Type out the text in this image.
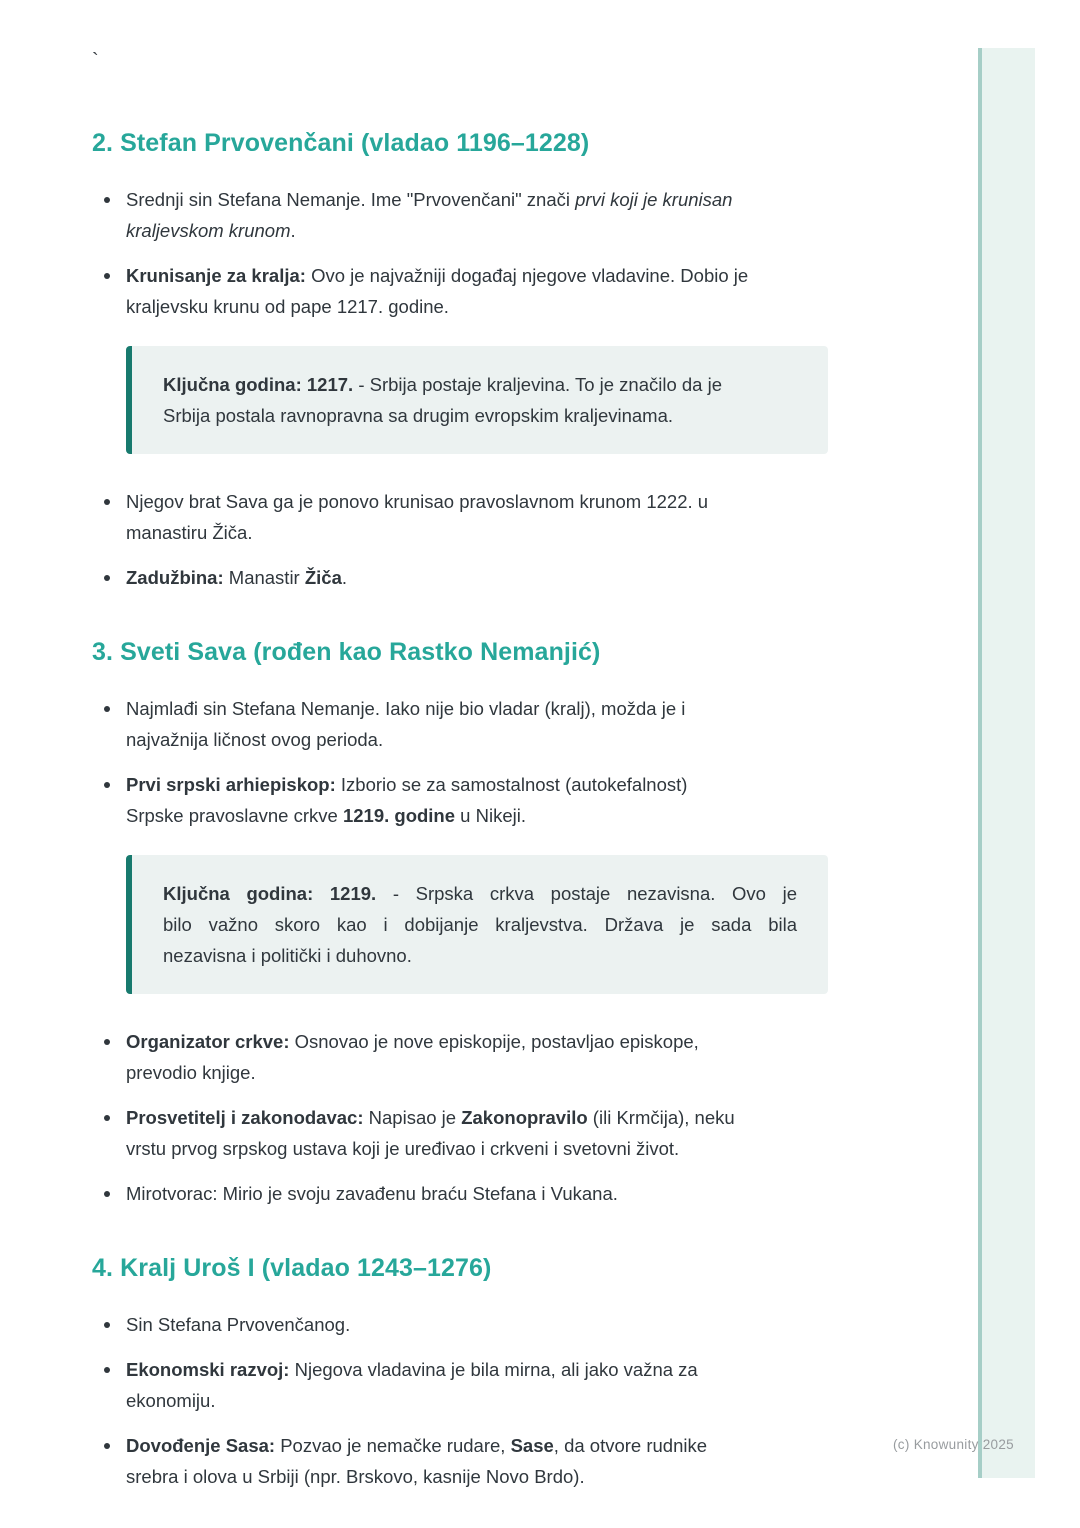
(c) Knowunity 2025
`
2. Stefan Prvovenčani (vladao 1196–1228)
Srednji sin Stefana Nemanje. Ime "Prvovenčani" znači prvi koji je krunisan
kraljevskom krunom.
Krunisanje za kralja: Ovo je najvažniji događaj njegove vladavine. Dobio je
kraljevsku krunu od pape 1217. godine.
Ključna godina: 1217. - Srbija postaje kraljevina. To je značilo da je
Srbija postala ravnopravna sa drugim evropskim kraljevinama.
Njegov brat Sava ga je ponovo krunisao pravoslavnom krunom 1222. u
manastiru Žiča.
Zadužbina: Manastir Žiča.
3. Sveti Sava (rođen kao Rastko Nemanjić)
Najmlađi sin Stefana Nemanje. Iako nije bio vladar (kralj), možda je i
najvažnija ličnost ovog perioda.
Prvi srpski arhiepiskop: Izborio se za samostalnost (autokefalnost)
Srpske pravoslavne crkve 1219. godine u Nikeji.
Ključna godina: 1219. - Srpska crkva postaje nezavisna. Ovo je
bilo važno skoro kao i dobijanje kraljevstva. Država je sada bila
nezavisna i politički i duhovno.
Organizator crkve: Osnovao je nove episkopije, postavljao episkope,
prevodio knjige.
Prosvetitelj i zakonodavac: Napisao je Zakonopravilo (ili Krmčija), neku
vrstu prvog srpskog ustava koji je uređivao i crkveni i svetovni život.
Mirotvorac: Mirio je svoju zavađenu braću Stefana i Vukana.
4. Kralj Uroš I (vladao 1243–1276)
Sin Stefana Prvovenčanog.
Ekonomski razvoj: Njegova vladavina je bila mirna, ali jako važna za
ekonomiju.
Dovođenje Sasa: Pozvao je nemačke rudare, Sase, da otvore rudnike
srebra i olova u Srbiji (npr. Brskovo, kasnije Novo Brdo).
